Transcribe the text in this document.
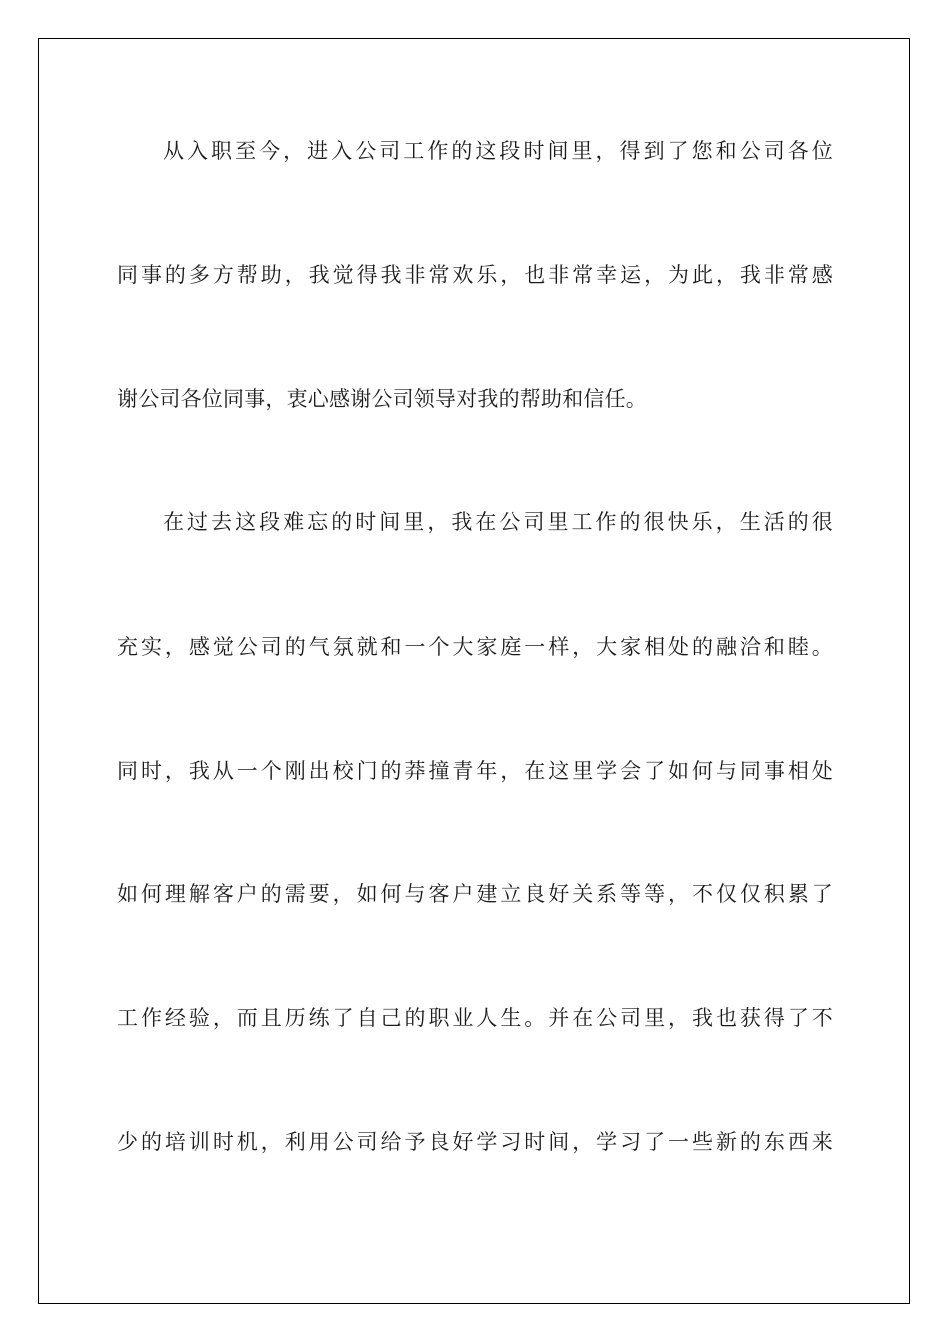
从入职至今，进入公司工作的这段时间里，得到了您和公司各位
同事的多方帮助，我觉得我非常欢乐，也非常幸运，为此，我非常感
谢公司各位同事，衷心感谢公司领导对我的帮助和信任。
在过去这段难忘的时间里，我在公司里工作的很快乐，生活的很
充实，感觉公司的气氛就和一个大家庭一样，大家相处的融洽和睦。
同时，我从一个刚出校门的莽撞青年，在这里学会了如何与同事相处
如何理解客户的需要，如何与客户建立良好关系等等，不仅仅积累了
工作经验，而且历练了自己的职业人生。并在公司里，我也获得了不
少的培训时机，利用公司给予良好学习时间，学习了一些新的东西来
